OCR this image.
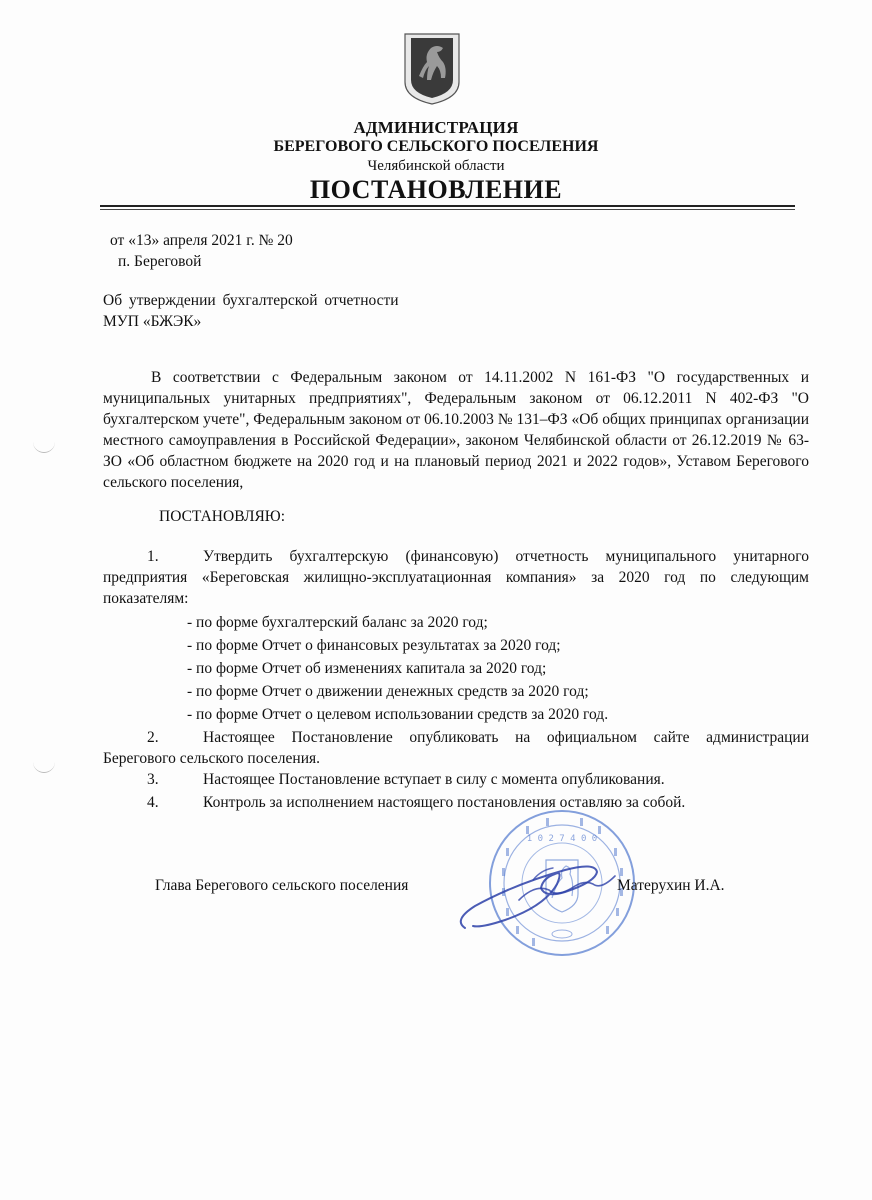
АДМИНИСТРАЦИЯ
БЕРЕГОВОГО СЕЛЬСКОГО ПОСЕЛЕНИЯ
Челябинской области
ПОСТАНОВЛЕНИЕ
от «13» апреля 2021 г. № 20
п. Береговой
Об утверждении бухгалтерской отчетности
МУП «БЖЭК»
В соответствии с Федеральным законом от 14.11.2002 N 161-ФЗ "О государственных и муниципальных унитарных предприятиях", Федеральным законом от 06.12.2011 N 402-ФЗ "О бухгалтерском учете", Федеральным законом от 06.10.2003 № 131–ФЗ «Об общих принципах организации местного самоуправления в Российской Федерации», законом Челябинской области от 26.12.2019 № 63-ЗО «Об областном бюджете на 2020 год и на плановый период 2021 и 2022 годов», Уставом Берегового сельского поселения,
ПОСТАНОВЛЯЮ:
1.	Утвердить бухгалтерскую (финансовую) отчетность муниципального унитарного предприятия «Береговская жилищно-эксплуатационная компания» за 2020 год по следующим показателям:
- по форме бухгалтерский баланс за 2020 год;
- по форме Отчет о финансовых результатах за 2020 год;
- по форме Отчет об изменениях капитала за 2020 год;
- по форме Отчет о движении денежных средств за 2020 год;
- по форме Отчет о целевом использовании средств за 2020 год.
2.	Настоящее Постановление опубликовать на официальном сайте администрации Берегового сельского поселения.
3.	Настоящее Постановление вступает в силу с момента опубликования.
4.	Контроль за исполнением настоящего постановления оставляю за собой.
1 0 2 7 4 0 0
Глава Берегового сельского поселения	Матерухин И.А.
